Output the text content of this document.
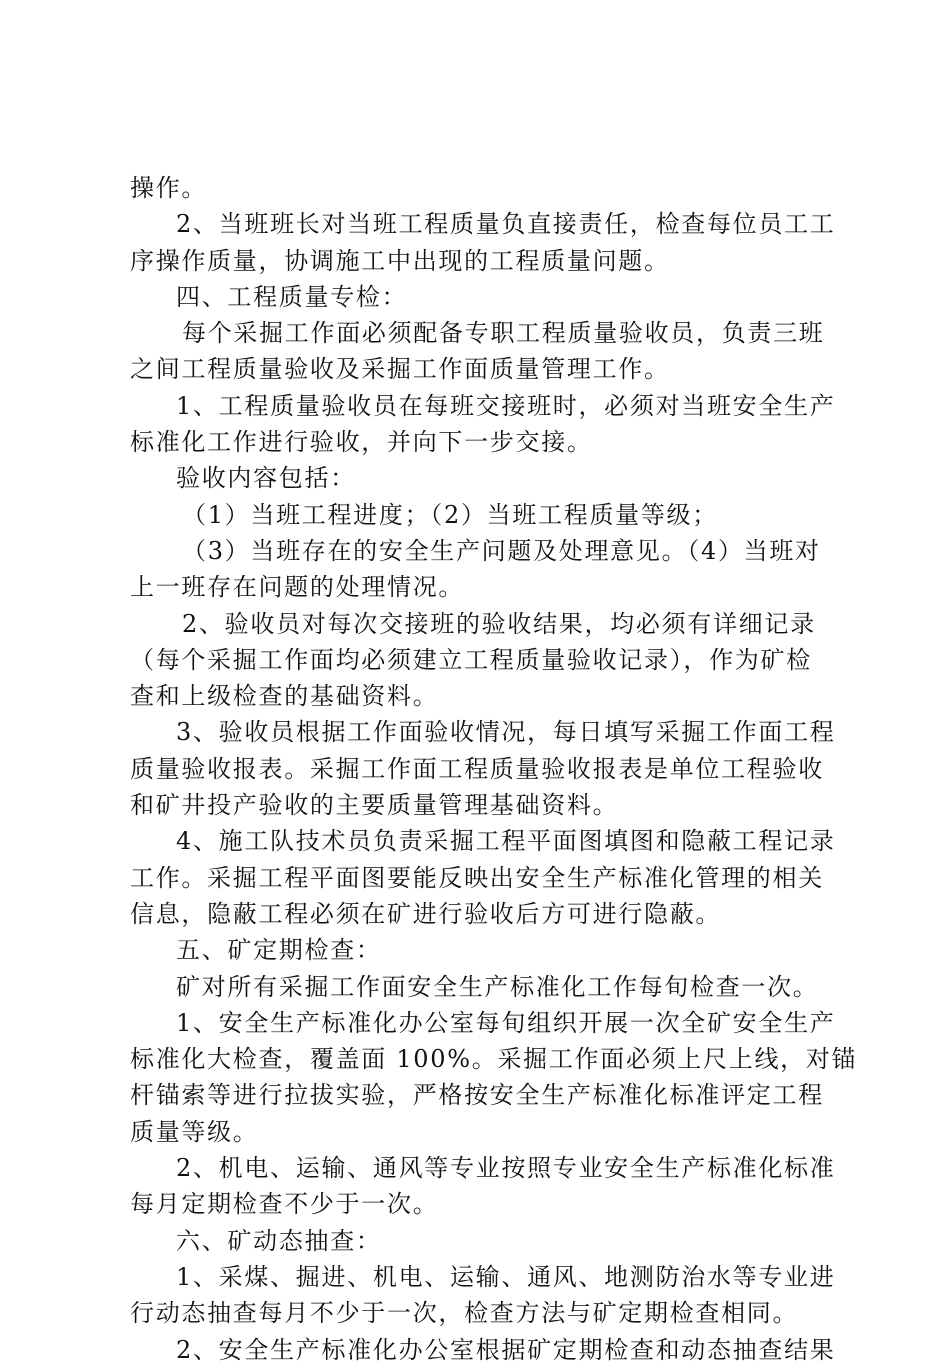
操作。
2、当班班长对当班工程质量负直接责任，检查每位员工工
序操作质量，协调施工中出现的工程质量问题。
四、工程质量专检：
每个采掘工作面必须配备专职工程质量验收员，负责三班
之间工程质量验收及采掘工作面质量管理工作。
1、工程质量验收员在每班交接班时，必须对当班安全生产
标准化工作进行验收，并向下一步交接。
验收内容包括：
（1）当班工程进度；（2）当班工程质量等级；
（3）当班存在的安全生产问题及处理意见。（4）当班对
上一班存在问题的处理情况。
2、验收员对每次交接班的验收结果，均必须有详细记录
（每个采掘工作面均必须建立工程质量验收记录），作为矿检
查和上级检查的基础资料。
3、验收员根据工作面验收情况，每日填写采掘工作面工程
质量验收报表。采掘工作面工程质量验收报表是单位工程验收
和矿井投产验收的主要质量管理基础资料。
4、施工队技术员负责采掘工程平面图填图和隐蔽工程记录
工作。采掘工程平面图要能反映出安全生产标准化管理的相关
信息，隐蔽工程必须在矿进行验收后方可进行隐蔽。
五、矿定期检查：
矿对所有采掘工作面安全生产标准化工作每旬检查一次。
1、安全生产标准化办公室每旬组织开展一次全矿安全生产
标准化大检查，覆盖面 100%。采掘工作面必须上尺上线，对锚
杆锚索等进行拉拔实验，严格按安全生产标准化标准评定工程
质量等级。
2、机电、运输、通风等专业按照专业安全生产标准化标准
每月定期检查不少于一次。
六、矿动态抽查：
1、采煤、掘进、机电、运输、通风、地测防治水等专业进
行动态抽查每月不少于一次，检查方法与矿定期检查相同。
2、安全生产标准化办公室根据矿定期检查和动态抽查结果
